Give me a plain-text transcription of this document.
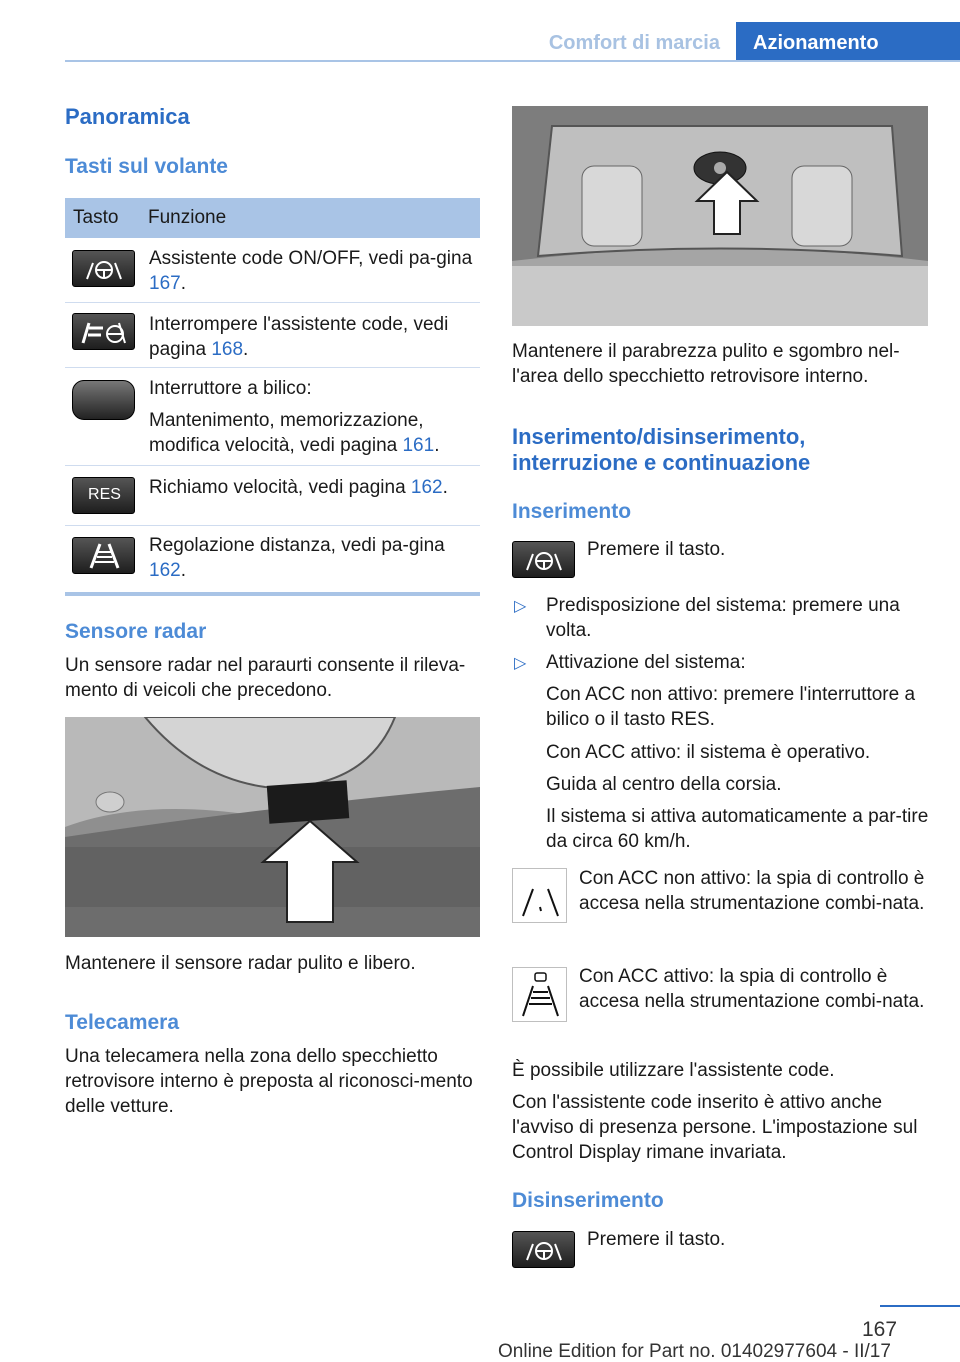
Comfort di marcia	Azionamento
Panoramica
Tasti sul volante
Tasto	Funzione
Assistente code ON/OFF, vedi pa-gina 167.
Interrompere l'assistente code, vedi pagina 168.
Interruttore a bilico:
Mantenimento, memorizzazione, modifica velocità, vedi pagina 161.
RES	Richiamo velocità, vedi pagina 162.
Regolazione distanza, vedi pa-gina 162.
Sensore radar
Un sensore radar nel paraurti consente il rileva-mento di veicoli che precedono.
Mantenere il sensore radar pulito e libero.
Telecamera
Una telecamera nella zona dello specchietto retrovisore interno è preposta al riconosci-mento delle vetture.
Mantenere il parabrezza pulito e sgombro nel-l'area dello specchietto retrovisore interno.
Inserimento/disinserimento, interruzione e continuazione
Inserimento
Premere il tasto.
▷ Predisposizione del sistema: premere una volta.
▷ Attivazione del sistema:
Con ACC non attivo: premere l'interruttore a bilico o il tasto RES.
Con ACC attivo: il sistema è operativo.
Guida al centro della corsia.
Il sistema si attiva automaticamente a par-tire da circa 60 km/h.
Con ACC non attivo: la spia di controllo è accesa nella strumentazione combi-nata.
Con ACC attivo: la spia di controllo è accesa nella strumentazione combi-nata.
È possibile utilizzare l'assistente code.
Con l'assistente code inserito è attivo anche l'avviso di presenza persone. L'impostazione sul Control Display rimane invariata.
Disinserimento
Premere il tasto.
167
Online Edition for Part no. 01402977604 - II/17
